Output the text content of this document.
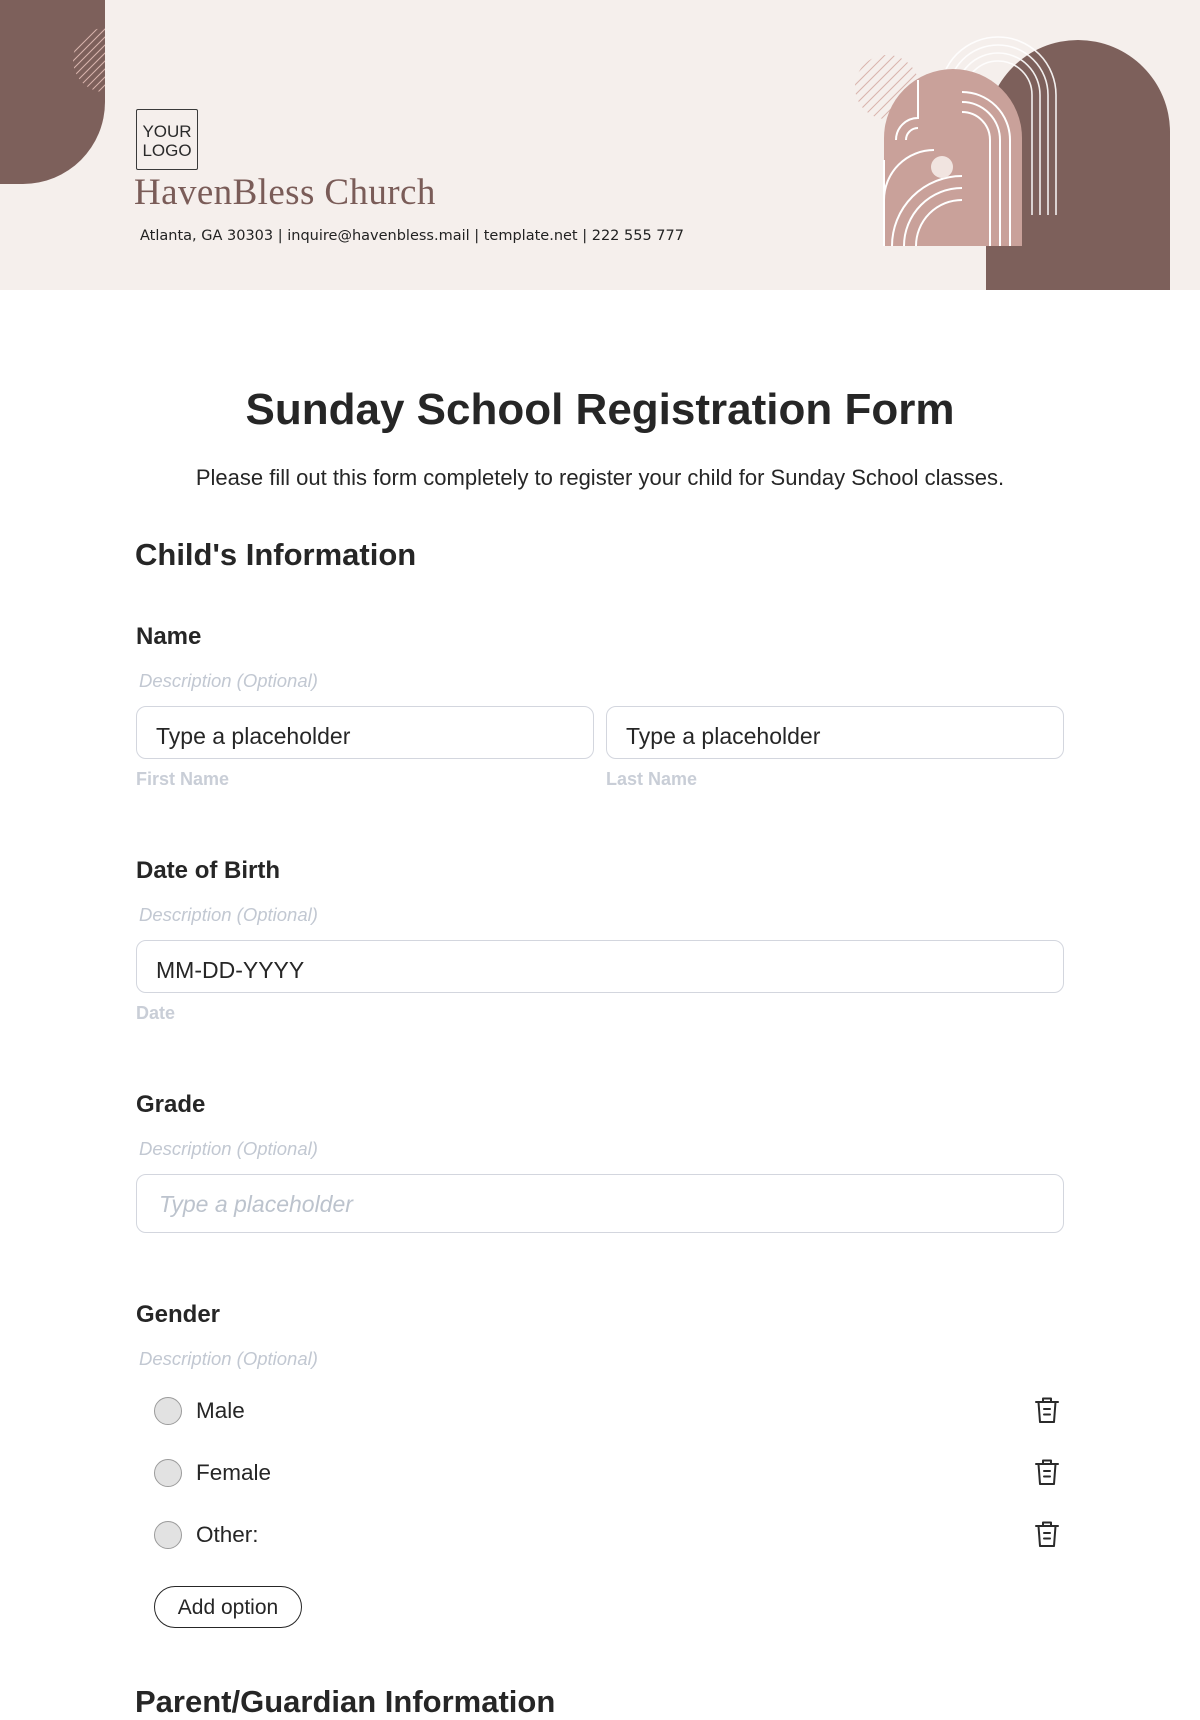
YOUR
LOGO
HavenBless Church
Atlanta, GA 30303 | inquire@havenbless.mail | template.net | 222 555 777
Sunday School Registration Form
Please fill out this form completely to register your child for Sunday School classes.
Child's Information
Name
Description (Optional)
Type a placeholder	Type a placeholder
First Name	Last Name
Date of Birth
Description (Optional)
MM-DD-YYYY
Date
Grade
Description (Optional)
Type a placeholder
Gender
Description (Optional)
Male
Female
Other:
Add option
Parent/Guardian Information
